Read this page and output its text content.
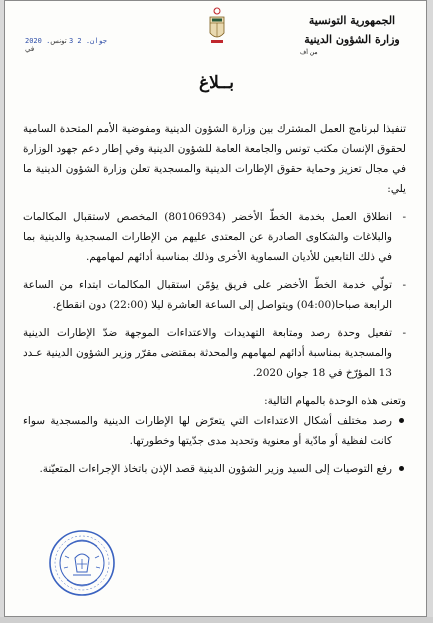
الجمهورية التونسية
وزارة الشؤون الدينية
من أف
2020 .جوان. 2 3 تونس في
بــلاغ

تنفيذا لبرنامج العمل المشترك بين وزارة الشؤون الدينية ومفوضية الأمم المتحدة السامية لحقوق الإنسان مكتب تونس والجامعة العامة للشؤون الدينية وفي إطار دعم جهود الوزارة في مجال تعزيز وحماية حقوق الإطارات الدينية والمسجدية تعلن وزارة الشؤون الدينية ما يلي:

-

انطلاق العمل بخدمة الخطّ الأخضر (80106934) المخصص لاستقبال المكالمات والبلاغات والشكاوى الصادرة عن المعتدى عليهم من الإطارات المسجدية والدينية بما في ذلك التابعين للأديان السماوية الأخرى وذلك بمناسبة أدائهم لمهامهم.

-

تولّي خدمة الخطّ الأخضر على فريق يؤمّن استقبال المكالمات ابتداء من الساعة الرابعة صباحا(04:00) ويتواصل إلى الساعة العاشرة ليلا (22:00) دون انقطاع.

-

تفعيل وحدة رصد ومتابعة التهديدات والاعتداءات الموجهة ضدّ الإطارات الدينية والمسجدية بمناسبة أدائهم لمهامهم والمحدثة بمقتضى مقرّر وزير الشؤون الدينية عـدد 13 المؤرّخ في 18 جوان 2020.

وتعنى هذه الوحدة بالمهام التالية:

رصد مختلف أشكال الاعتداءات التي يتعرّض لها الإطارات الدينية والمسجدية سواء كانت لفظية أو مادّية أو معنوية وتحديد مدى جدّيتها وخطورتها.

رفع التوصيات إلى السيد وزير الشؤون الدينية قصد الإذن باتخاذ الإجراءات المتعيّنة.
